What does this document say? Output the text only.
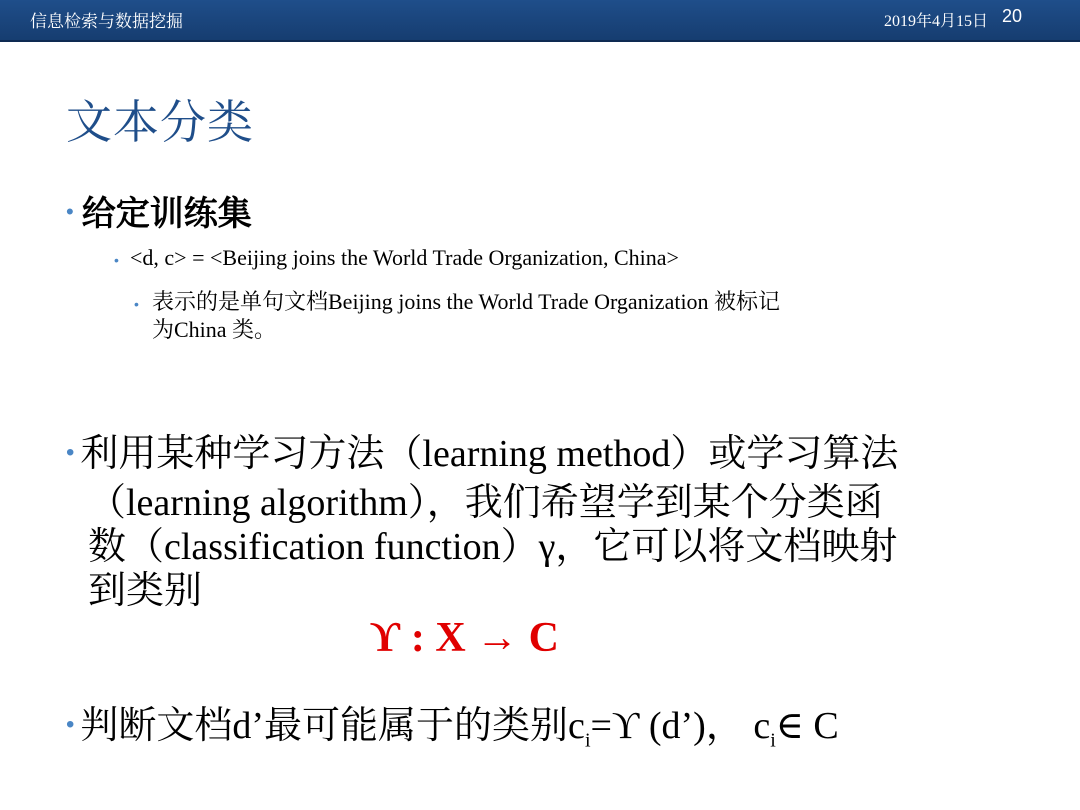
信息检索与数据挖掘	2019年4月15日 20
文本分类
• 给定训练集
• <d, c> = <Beijing joins the World Trade Organization, China>
• 表示的是单句文档Beijing joins the World Trade Organization 被标记
为China 类。
• 利用某种学习方法（learning method）或学习算法
（learning algorithm），我们希望学到某个分类函
数（classification function）γ，它可以将文档映射
到类别
ϒ : X → C
• 判断文档d’最可能属于的类别$c_i=ϒ$ (d’)， $c_i\in$ C
